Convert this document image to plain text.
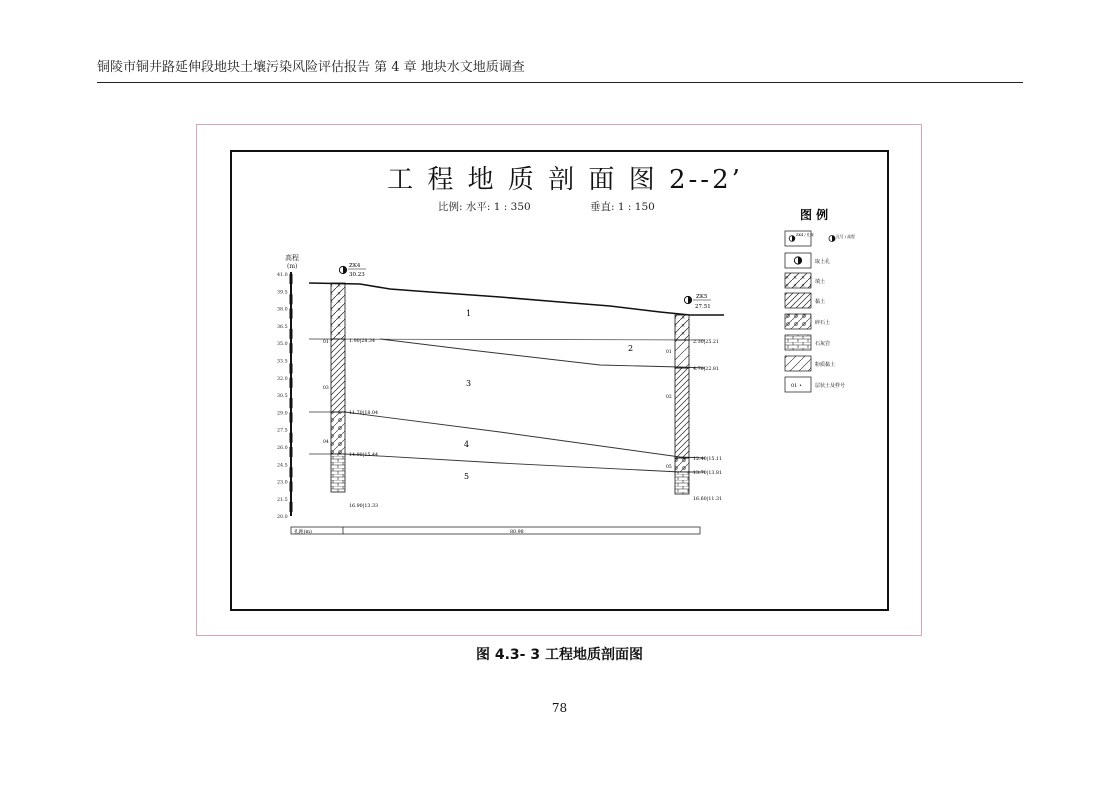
铜陵市铜井路延伸段地块土壤污染风险评估报告 第 4 章 地块水文地质调查
工 程 地 质 剖 面 图 2--2’
比例: 水平: 1 : 350	垂直: 1 : 150
高程
(m)
41.0
39.5
38.0
36.5
35.0
33.5
32.0
30.5
29.0
27.5
26.0
24.5
23.0
21.5
20.0
1
2
3
4
5
ZK4
30.23
1.90|28.34
11.70|18.04
14.90|15.44
16.90|13.33
01
03
04
ZK5
27.51
2.30|25.21
4.70|22.81
12.40|15.11
13.70|13.81
16.60|11.31
01
02
05
孔距(m)	80.98
图 例
ZK4 / 孔深	孔号 / 高程
取土孔
填土
黏土
碎石土
石灰岩
粉质黏土
01 •	层状土及样号
图 4.3- 3 工程地质剖面图
78
